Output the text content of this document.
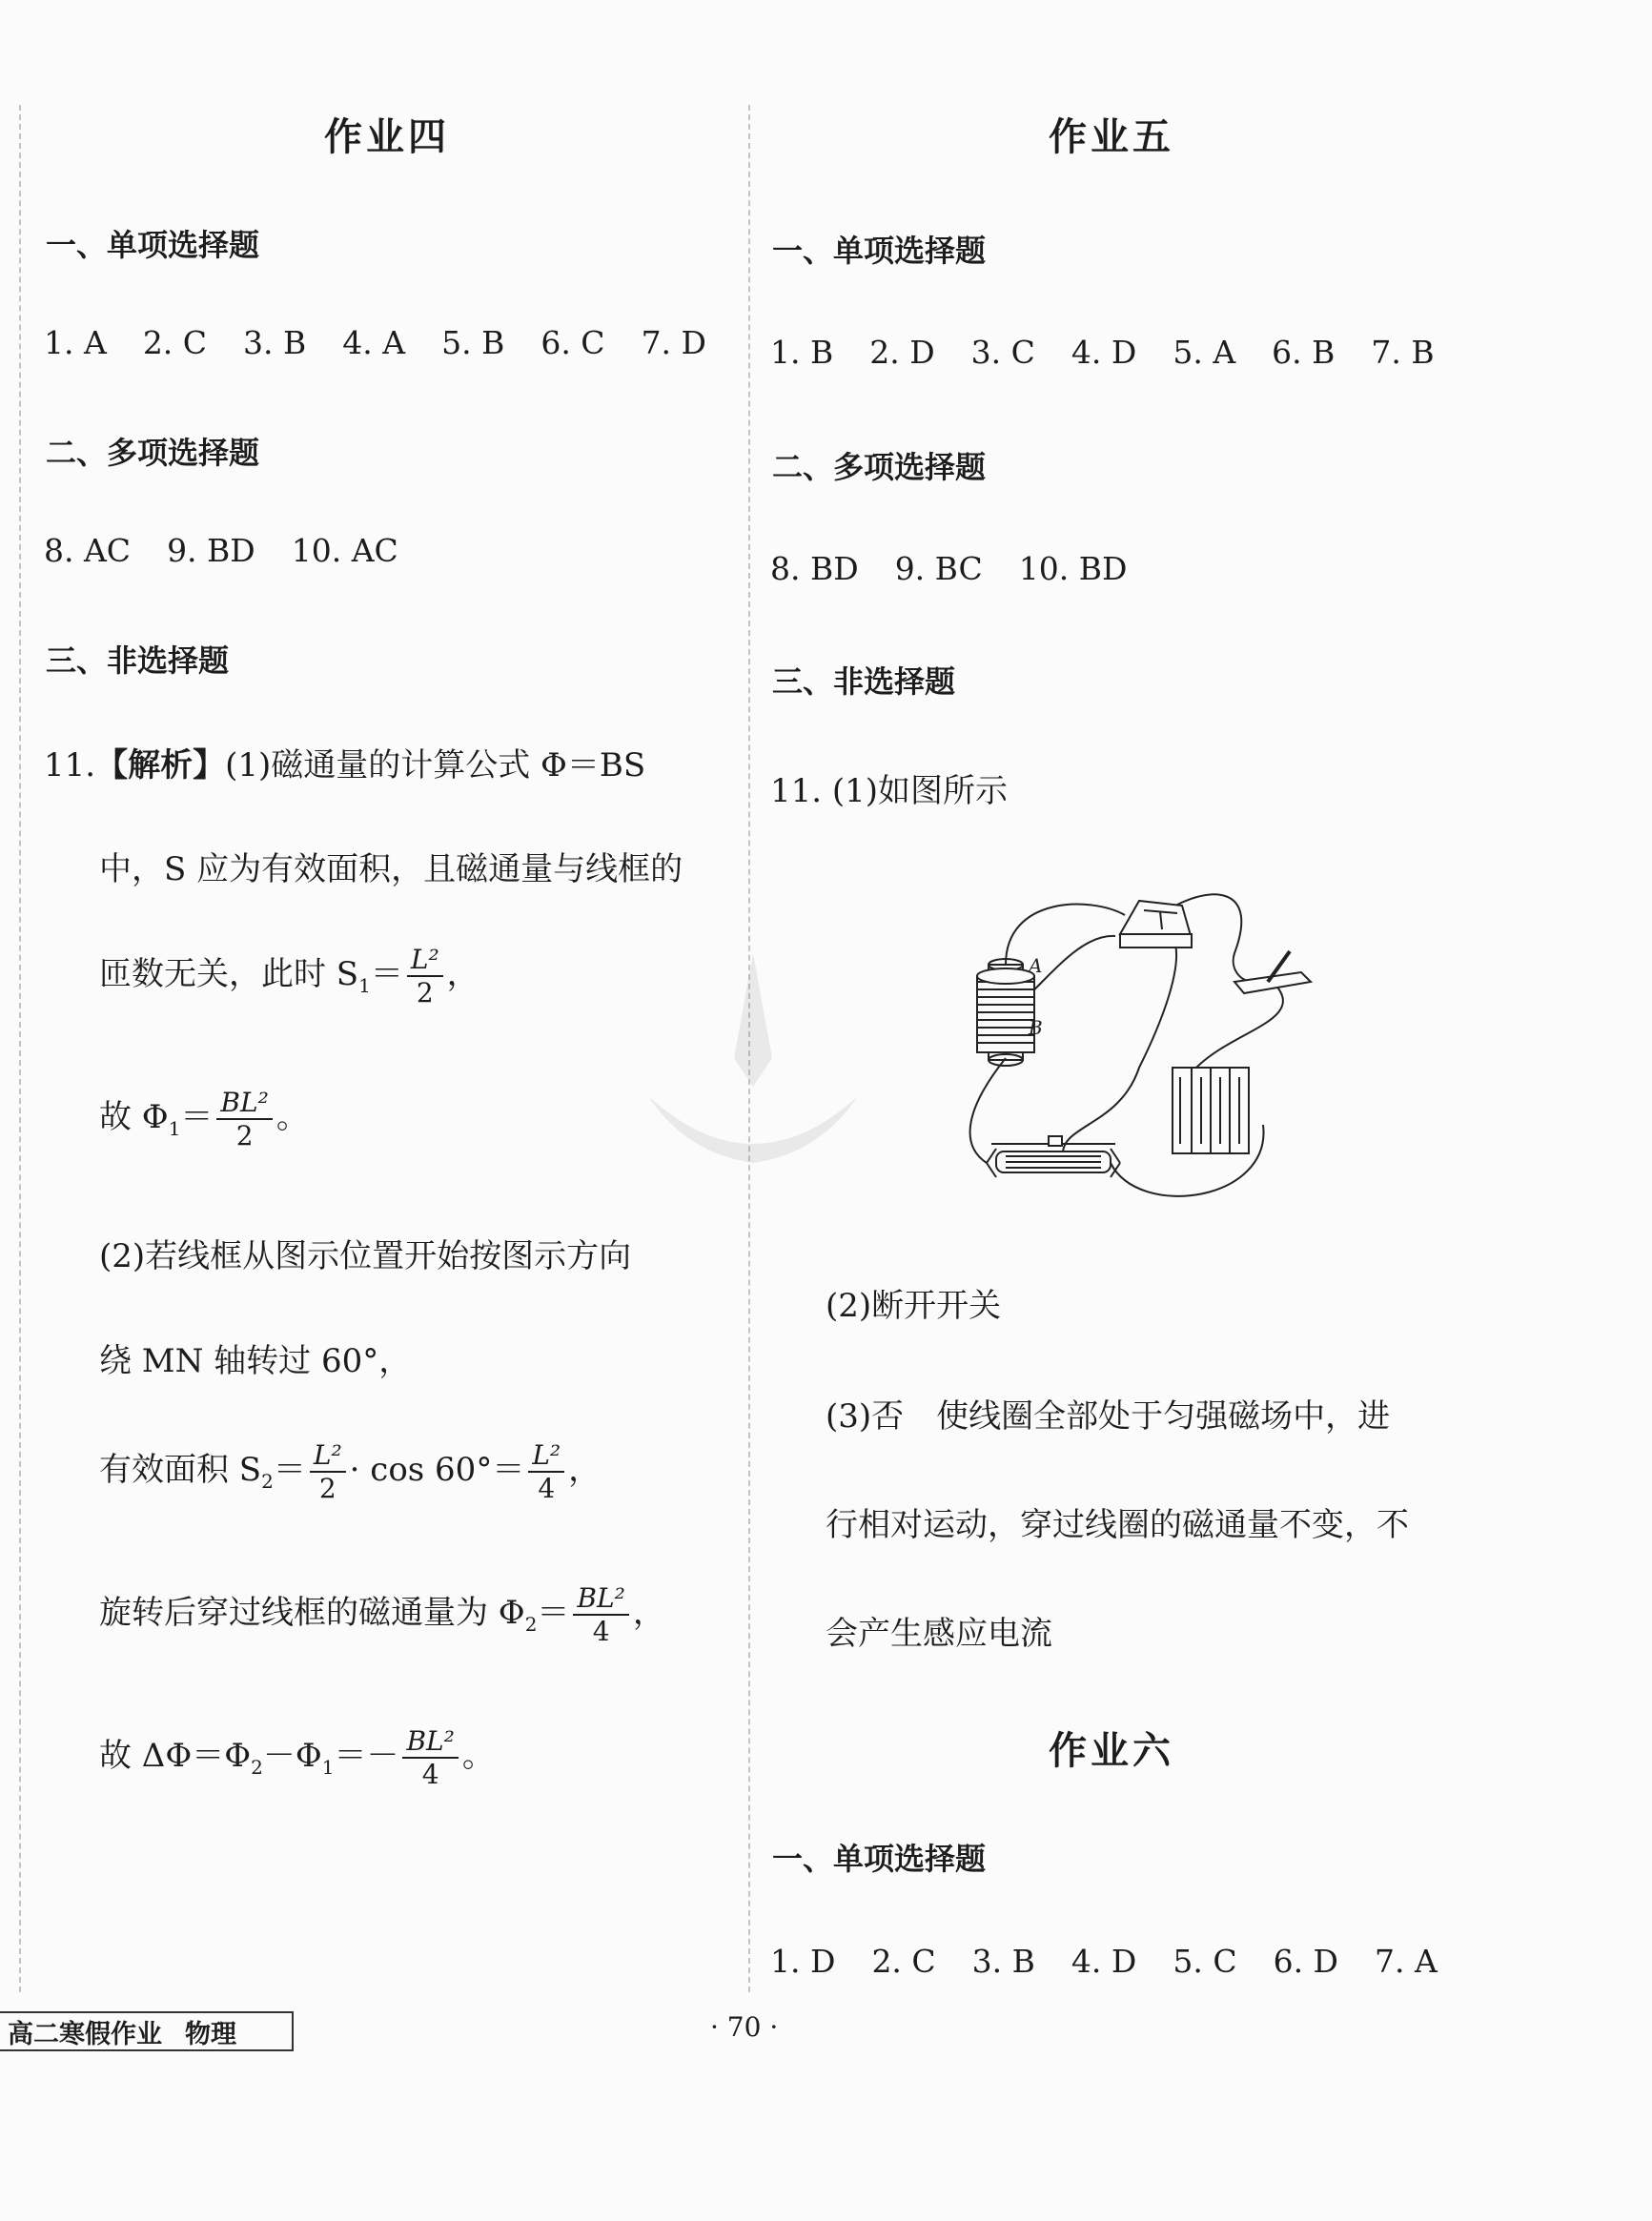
作业四
一、单项选择题
1. A 2. C 3. B 4. A 5. B 6. C 7. D
二、多项选择题
8. AC 9. BD 10. AC
三、非选择题
11.【解析】(1)磁通量的计算公式 Φ＝BS
中，S 应为有效面积，且磁通量与线框的
匝数无关，此时 $S_1= \frac{\text{L²}}{2}$ ，
故 $\Phi_1= \frac{\text{BL²}}{2}$ 。
(2)若线框从图示位置开始按图示方向
绕 MN 轴转过 60°，
有效面积 $S_2= \frac{\text{L²}}{2} \cdot \cos 60^\circ= \frac{\text{L²}}{4}$ ，
旋转后穿过线框的磁通量为 $\Phi_2= \frac{\text{BL²}}{4}$ ，
故 $\Delta\Phi=\Phi_2-\Phi_1=- \frac{\text{BL²}}{4}$ 。
作业五
一、单项选择题
1. B 2. D 3. C 4. D 5. A 6. B 7. B
二、多项选择题
8. BD 9. BC 10. BD
三、非选择题
11. (1)如图所示
A
B
(2)断开开关
(3)否　使线圈全部处于匀强磁场中，进
行相对运动，穿过线圈的磁通量不变，不
会产生感应电流
作业六
一、单项选择题
1. D 2. C 3. B 4. D 5. C 6. D 7. A
高二寒假作业 物理	· 70 ·
